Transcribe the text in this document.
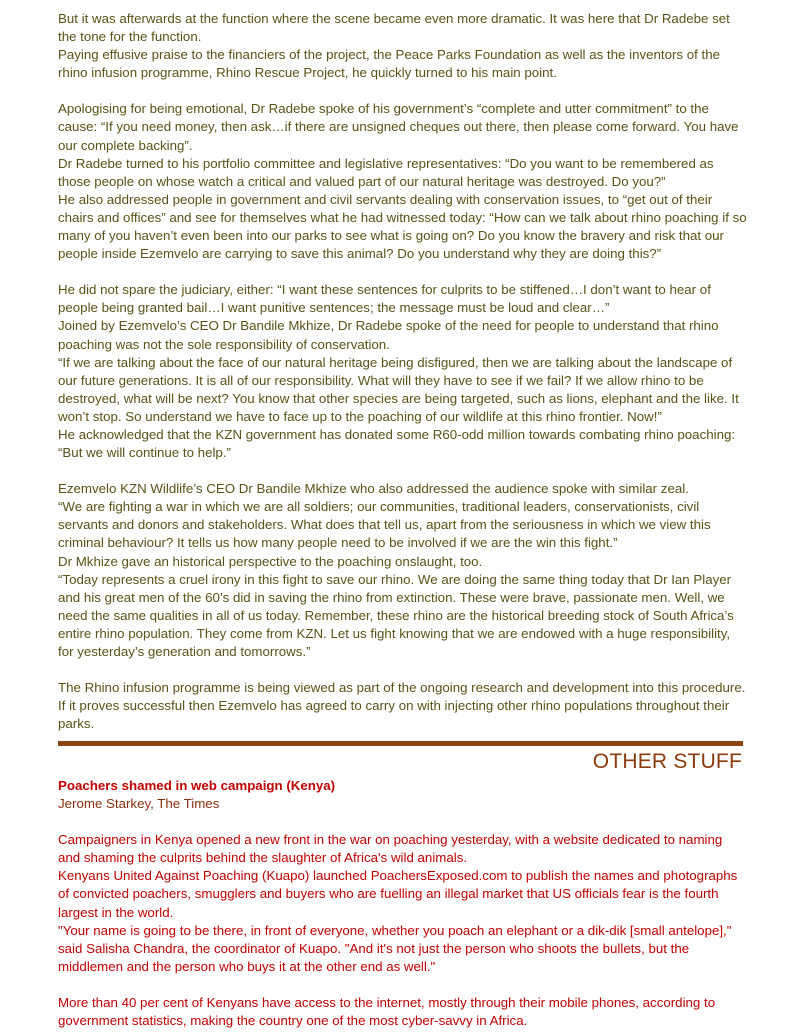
But it was afterwards at the function where the scene became even more dramatic. It was here that Dr Radebe set the tone for the function.

Paying effusive praise to the financiers of the project, the Peace Parks Foundation as well as the inventors of the rhino infusion programme, Rhino Rescue Project, he quickly turned to his main point.

Apologising for being emotional, Dr Radebe spoke of his government’s “complete and utter commitment” to the cause: “If you need money, then ask…if there are unsigned cheques out there, then please come forward. You have our complete backing”.

Dr Radebe turned to his portfolio committee and legislative representatives: “Do you want to be remembered as those people on whose watch a critical and valued part of our natural heritage was destroyed. Do you?”

He also addressed people in government and civil servants dealing with conservation issues, to “get out of their chairs and offices” and see for themselves what he had witnessed today: “How can we talk about rhino poaching if so many of you haven’t even been into our parks to see what is going on? Do you know the bravery and risk that our people inside Ezemvelo are carrying to save this animal? Do you understand why they are doing this?”

He did not spare the judiciary, either: “I want these sentences for culprits to be stiffened…I don’t want to hear of people being granted bail…I want punitive sentences; the message must be loud and clear…”

Joined by Ezemvelo’s CEO Dr Bandile Mkhize, Dr Radebe spoke of the need for people to understand that rhino poaching was not the sole responsibility of conservation.

“If we are talking about the face of our natural heritage being disfigured, then we are talking about the landscape of our future generations. It is all of our responsibility. What will they have to see if we fail? If we allow rhino to be destroyed, what will be next? You know that other species are being targeted, such as lions, elephant and the like. It won’t stop. So understand we have to face up to the poaching of our wildlife at this rhino frontier. Now!”

He acknowledged that the KZN government has donated some R60-odd million towards combating rhino poaching: “But we will continue to help.”

Ezemvelo KZN Wildlife’s CEO Dr Bandile Mkhize who also addressed the audience spoke with similar zeal.

“We are fighting a war in which we are all soldiers; our communities, traditional leaders, conservationists, civil servants and donors and stakeholders. What does that tell us, apart from the seriousness in which we view this criminal behaviour? It tells us how many people need to be involved if we are the win this fight.”

Dr Mkhize gave an historical perspective to the poaching onslaught, too.

“Today represents a cruel irony in this fight to save our rhino. We are doing the same thing today that Dr Ian Player and his great men of the 60’s did in saving the rhino from extinction. These were brave, passionate men. Well, we need the same qualities in all of us today. Remember, these rhino are the historical breeding stock of South Africa’s entire rhino population. They come from KZN. Let us fight knowing that we are endowed with a huge responsibility, for yesterday’s generation and tomorrows.”

The Rhino infusion programme is being viewed as part of the ongoing research and development into this procedure. If it proves successful then Ezemvelo has agreed to carry on with injecting other rhino populations throughout their parks.

OTHER STUFF

Poachers shamed in web campaign (Kenya)

Jerome Starkey, The Times

Campaigners in Kenya opened a new front in the war on poaching yesterday, with a website dedicated to naming and shaming the culprits behind the slaughter of Africa's wild animals.

Kenyans United Against Poaching (Kuapo) launched PoachersExposed.com to publish the names and photographs of convicted poachers, smugglers and buyers who are fuelling an illegal market that US officials fear is the fourth largest in the world.

"Your name is going to be there, in front of everyone, whether you poach an elephant or a dik-dik [small antelope]," said Salisha Chandra, the coordinator of Kuapo. "And it's not just the person who shoots the bullets, but the middlemen and the person who buys it at the other end as well."

More than 40 per cent of Kenyans have access to the internet, mostly through their mobile phones, according to government statistics, making the country one of the most cyber-savvy in Africa.
